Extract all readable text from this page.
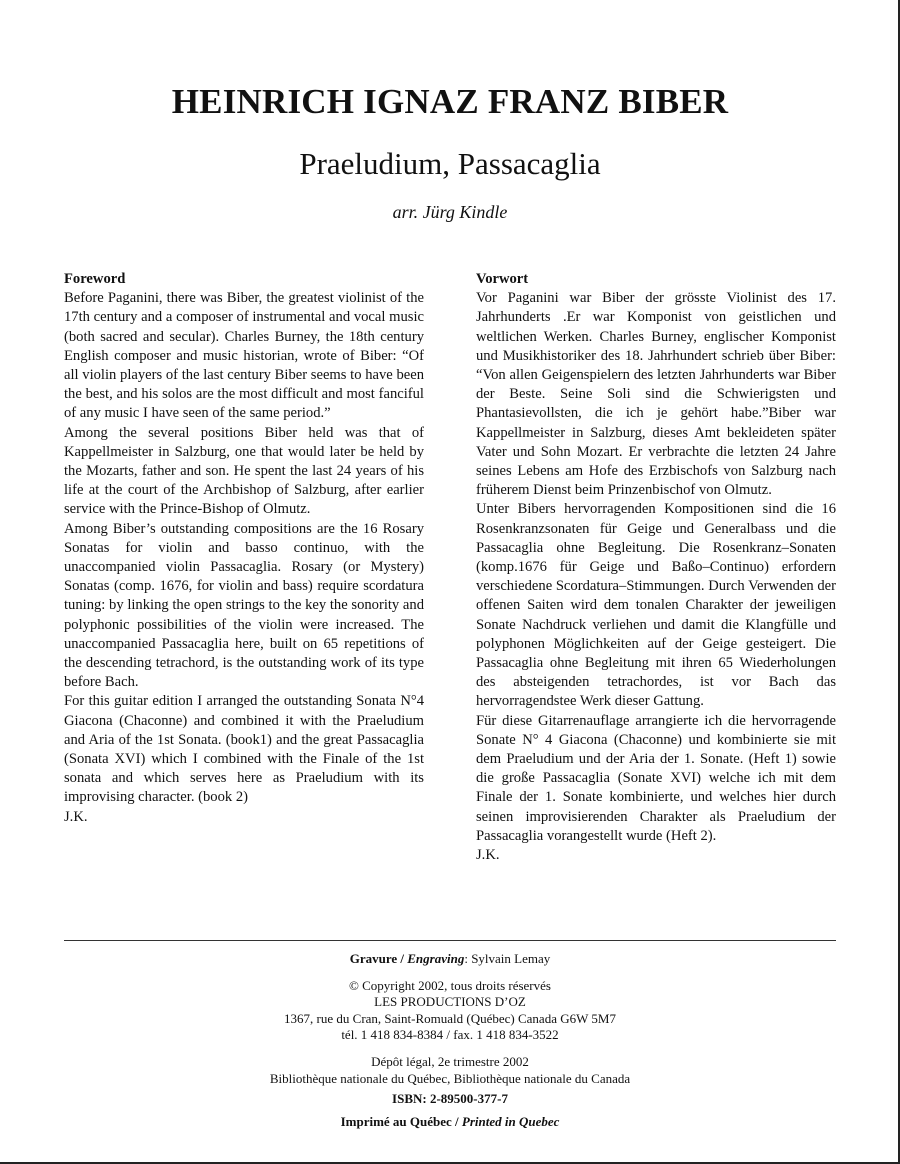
HEINRICH IGNAZ FRANZ BIBER
Praeludium, Passacaglia
arr. Jürg Kindle
Foreword

Before Paganini, there was Biber, the greatest violinist of the 17th century and a composer of instrumental and vocal music (both sacred and secular). Charles Burney, the 18th century English composer and music historian, wrote of Biber: “Of all violin players of the last century Biber seems to have been the best, and his solos are the most difficult and most fanciful of any music I have seen of the same period.”

Among the several positions Biber held was that of Kappellmeister in Salzburg, one that would later be held by the Mozarts, father and son. He spent the last 24 years of his life at the court of the Archbishop of Salzburg, after earlier service with the Prince-Bishop of Olmutz.

Among Biber’s outstanding compositions are the 16 Rosary Sonatas for violin and basso continuo, with the unaccompanied violin Passacaglia. Rosary (or Mystery) Sonatas (comp. 1676, for violin and bass) require scordatura tuning: by linking the open strings to the key the sonority and polyphonic possibilities of the violin were increased. The unaccompanied Passacaglia here, built on 65 repetitions of the descending tetrachord, is the outstanding work of its type before Bach.

For this guitar edition I arranged the outstanding Sonata N°4 Giacona (Chaconne) and combined it with the Praeludium and Aria of the 1st Sonata. (book1) and the great Passacaglia (Sonata XVI) which I combined with the Finale of the 1st sonata and which serves here as Praeludium with its improvising character. (book 2)

J.K.

Vorwort

Vor Paganini war Biber der grösste Violinist des 17. Jahrhunderts .Er war Komponist von geistlichen und weltlichen Werken. Charles Burney, englischer Komponist und Musikhistoriker des 18. Jahrhundert schrieb über Biber: “Von allen Geigenspielern des letzten Jahrhunderts war Biber der Beste. Seine Soli sind die Schwierigsten und Phantasievollsten, die ich je gehört habe.”Biber war Kappellmeister in Salzburg, dieses Amt bekleideten später Vater und Sohn Mozart. Er verbrachte die letzten 24 Jahre seines Lebens am Hofe des Erzbischofs von Salzburg nach früherem Dienst beim Prinzenbischof von Olmutz.

Unter Bibers hervorragenden Kompositionen sind die 16 Rosenkranzsonaten für Geige und Generalbass und die Passacaglia ohne Begleitung. Die Rosenkranz–Sonaten (komp.1676 für Geige und Baßo–Continuo) erfordern verschiedene Scordatura–Stimmungen. Durch Verwenden der offenen Saiten wird dem tonalen Charakter der jeweiligen Sonate Nachdruck verliehen und damit die Klangfülle und polyphonen Möglichkeiten auf der Geige gesteigert. Die Passacaglia ohne Begleitung mit ihren 65 Wiederholungen des absteigenden tetrachordes, ist vor Bach das hervorragendstee Werk dieser Gattung.

Für diese Gitarrenauflage arrangierte ich die hervorragende Sonate N° 4 Giacona (Chaconne) und kombinierte sie mit dem Praeludium und der Aria der 1. Sonate. (Heft 1) sowie die große Passacaglia (Sonate XVI) welche ich mit dem Finale der 1. Sonate kombinierte, und welches hier durch seinen improvisierenden Charakter als Praeludium der Passacaglia vorangestellt wurde (Heft 2).

J.K.

Gravure / Engraving: Sylvain Lemay
© Copyright 2002, tous droits réservés
LES PRODUCTIONS D’OZ
1367, rue du Cran, Saint-Romuald (Québec) Canada G6W 5M7
tél. 1 418 834-8384 / fax. 1 418 834-3522
Dépôt légal, 2e trimestre 2002
Bibliothèque nationale du Québec, Bibliothèque nationale du Canada
ISBN: 2-89500-377-7
Imprimé au Québec / Printed in Quebec
